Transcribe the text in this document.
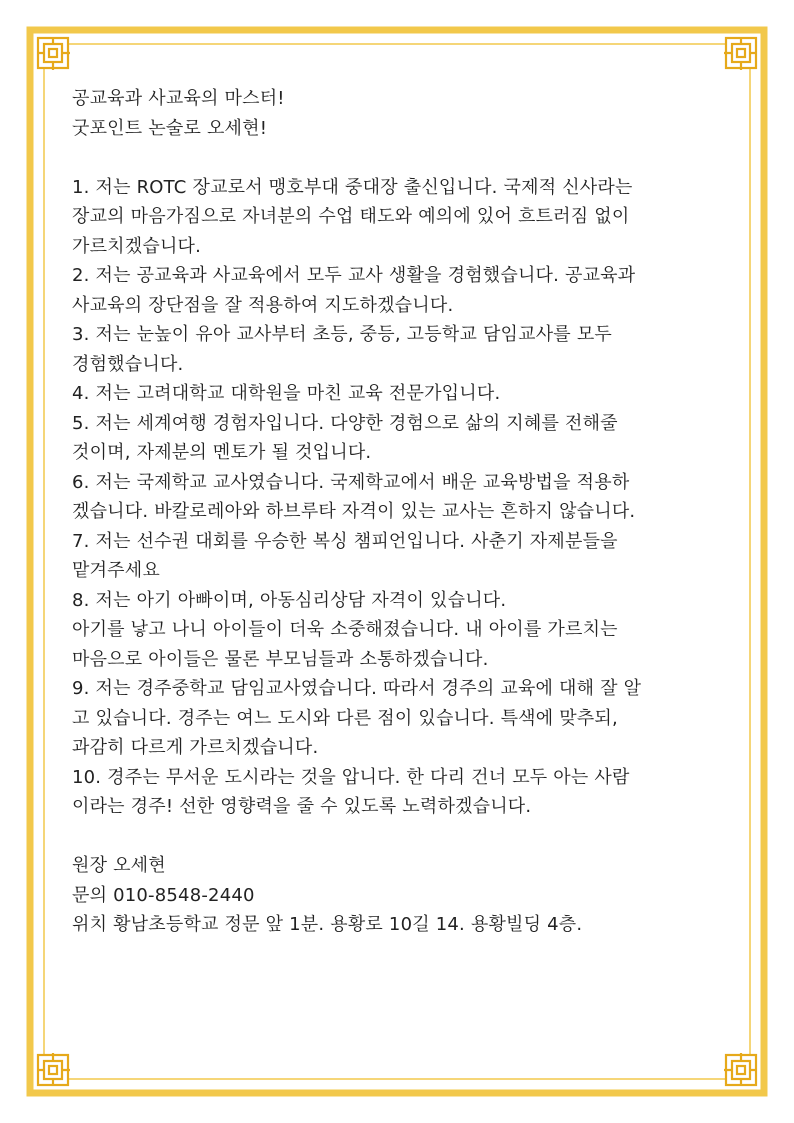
공교육과 사교육의 마스터!
굿포인트 논술로 오세현!
1. 저는 ROTC 장교로서 맹호부대 중대장 출신입니다. 국제적 신사라는
장교의 마음가짐으로 자녀분의 수업 태도와 예의에 있어 흐트러짐 없이
가르치겠습니다.
2. 저는 공교육과 사교육에서 모두 교사 생활을 경험했습니다. 공교육과
사교육의 장단점을 잘 적용하여 지도하겠습니다.
3. 저는 눈높이 유아 교사부터 초등, 중등, 고등학교 담임교사를 모두
경험했습니다.
4. 저는 고려대학교 대학원을 마친 교육 전문가입니다.
5. 저는 세계여행 경험자입니다. 다양한 경험으로 삶의 지혜를 전해줄
것이며, 자제분의 멘토가 될 것입니다.
6. 저는 국제학교 교사였습니다. 국제학교에서 배운 교육방법을 적용하
겠습니다. 바칼로레아와 하브루타 자격이 있는 교사는 흔하지 않습니다.
7. 저는 선수권 대회를 우승한 복싱 챔피언입니다. 사춘기 자제분들을
맡겨주세요
8. 저는 아기 아빠이며, 아동심리상담 자격이 있습니다.
아기를 낳고 나니 아이들이 더욱 소중해졌습니다. 내 아이를 가르치는
마음으로 아이들은 물론 부모님들과 소통하겠습니다.
9. 저는 경주중학교 담임교사였습니다. 따라서 경주의 교육에 대해 잘 알
고 있습니다. 경주는 여느 도시와 다른 점이 있습니다. 특색에 맞추되,
과감히 다르게 가르치겠습니다.
10. 경주는 무서운 도시라는 것을 압니다. 한 다리 건너 모두 아는 사람
이라는 경주! 선한 영향력을 줄 수 있도록 노력하겠습니다.
원장 오세현
문의 010-8548-2440
위치 황남초등학교 정문 앞 1분. 용황로 10길 14. 용황빌딩 4층.
